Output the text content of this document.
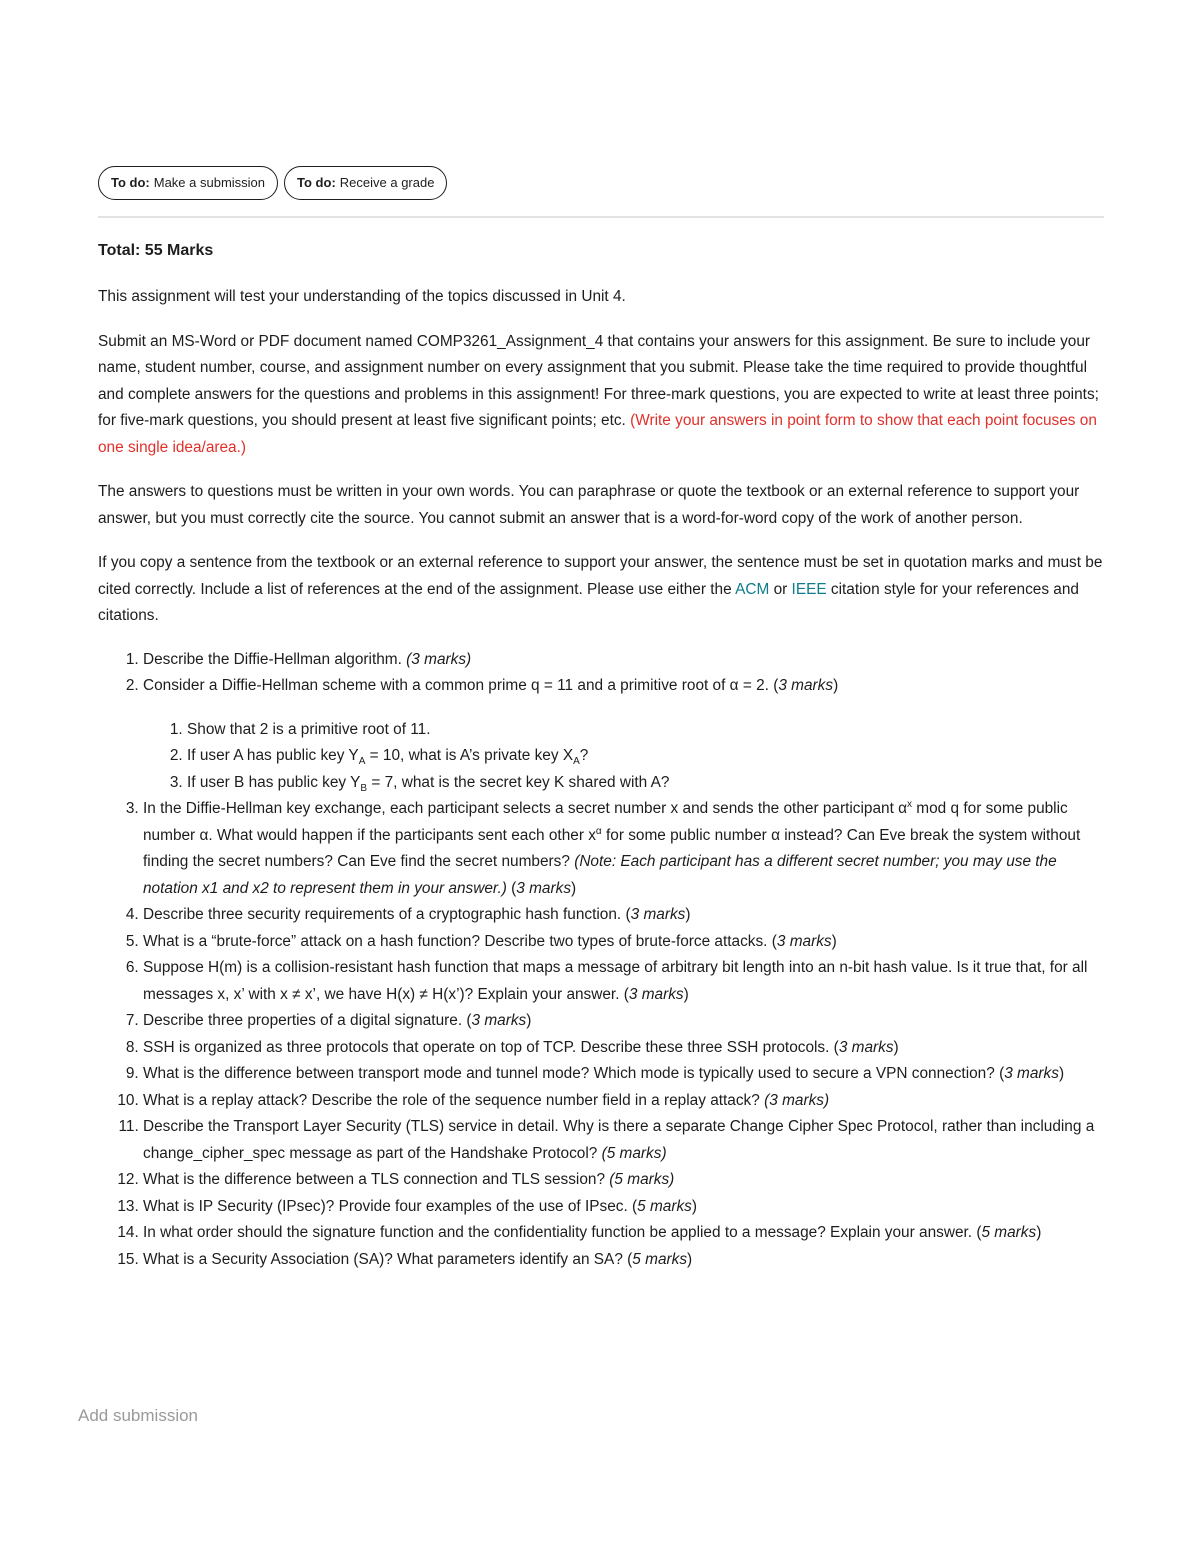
To do: Make a submission To do: Receive a grade
Total: 55 Marks

This assignment will test your understanding of the topics discussed in Unit 4.

Submit an MS-Word or PDF document named COMP3261_Assignment_4 that contains your answers for this assignment. Be sure to include your name, student number, course, and assignment number on every assignment that you submit. Please take the time required to provide thoughtful and complete answers for the questions and problems in this assignment! For three-mark questions, you are expected to write at least three points; for five-mark questions, you should present at least five significant points; etc. (Write your answers in point form to show that each point focuses on one single idea/area.)

The answers to questions must be written in your own words. You can paraphrase or quote the textbook or an external reference to support your answer, but you must correctly cite the source. You cannot submit an answer that is a word-for-word copy of the work of another person.

If you copy a sentence from the textbook or an external reference to support your answer, the sentence must be set in quotation marks and must be cited correctly. Include a list of references at the end of the assignment. Please use either the ACM or IEEE citation style for your references and citations.

1. Describe the Diffie-Hellman algorithm. (3 marks)
2. Consider a Diffie-Hellman scheme with a common prime q = 11 and a primitive root of α = 2. (3 marks)
1. Show that 2 is a primitive root of 11.
2. If user A has public key $Y_A = 10$, what is A’s private key $X_A$?
3. If user B has public key $Y_B = 7$, what is the secret key K shared with A?
3. In the Diffie-Hellman key exchange, each participant selects a secret number x and sends the other participant $\alpha^x$ mod q for some public number α. What would happen if the participants sent each other $x^\alpha$ for some public number α instead? Can Eve break the system without finding the secret numbers? Can Eve find the secret numbers? (Note: Each participant has a different secret number; you may use the notation x1 and x2 to represent them in your answer.) (3 marks)
4. Describe three security requirements of a cryptographic hash function. (3 marks)
5. What is a “brute-force” attack on a hash function? Describe two types of brute-force attacks. (3 marks)
6. Suppose H(m) is a collision-resistant hash function that maps a message of arbitrary bit length into an n-bit hash value. Is it true that, for all messages x, x’ with x ≠ x’, we have H(x) ≠ H(x’)? Explain your answer. (3 marks)
7. Describe three properties of a digital signature. (3 marks)
8. SSH is organized as three protocols that operate on top of TCP. Describe these three SSH protocols. (3 marks)
9. What is the difference between transport mode and tunnel mode? Which mode is typically used to secure a VPN connection? (3 marks)
10. What is a replay attack? Describe the role of the sequence number field in a replay attack? (3 marks)
11. Describe the Transport Layer Security (TLS) service in detail. Why is there a separate Change Cipher Spec Protocol, rather than including a change_cipher_spec message as part of the Handshake Protocol? (5 marks)
12. What is the difference between a TLS connection and TLS session? (5 marks)
13. What is IP Security (IPsec)? Provide four examples of the use of IPsec. (5 marks)
14. In what order should the signature function and the confidentiality function be applied to a message? Explain your answer. (5 marks)
15. What is a Security Association (SA)? What parameters identify an SA? (5 marks)
Add submission
